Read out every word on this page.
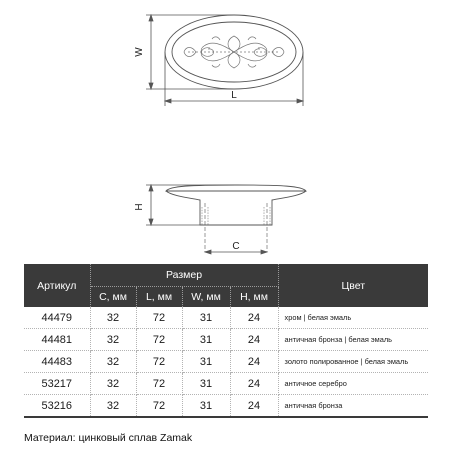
W
L
H
C
Артикул	Размер				Цвет
	C, мм	L, мм	W, мм	H, мм	
44479	32	72	31	24	хром | белая эмаль
44481	32	72	31	24	античная бронза | белая эмаль
44483	32	72	31	24	золото полированное | белая эмаль
53217	32	72	31	24	античное серебро
53216	32	72	31	24	античная бронза
Материал: цинковый сплав Zamak
